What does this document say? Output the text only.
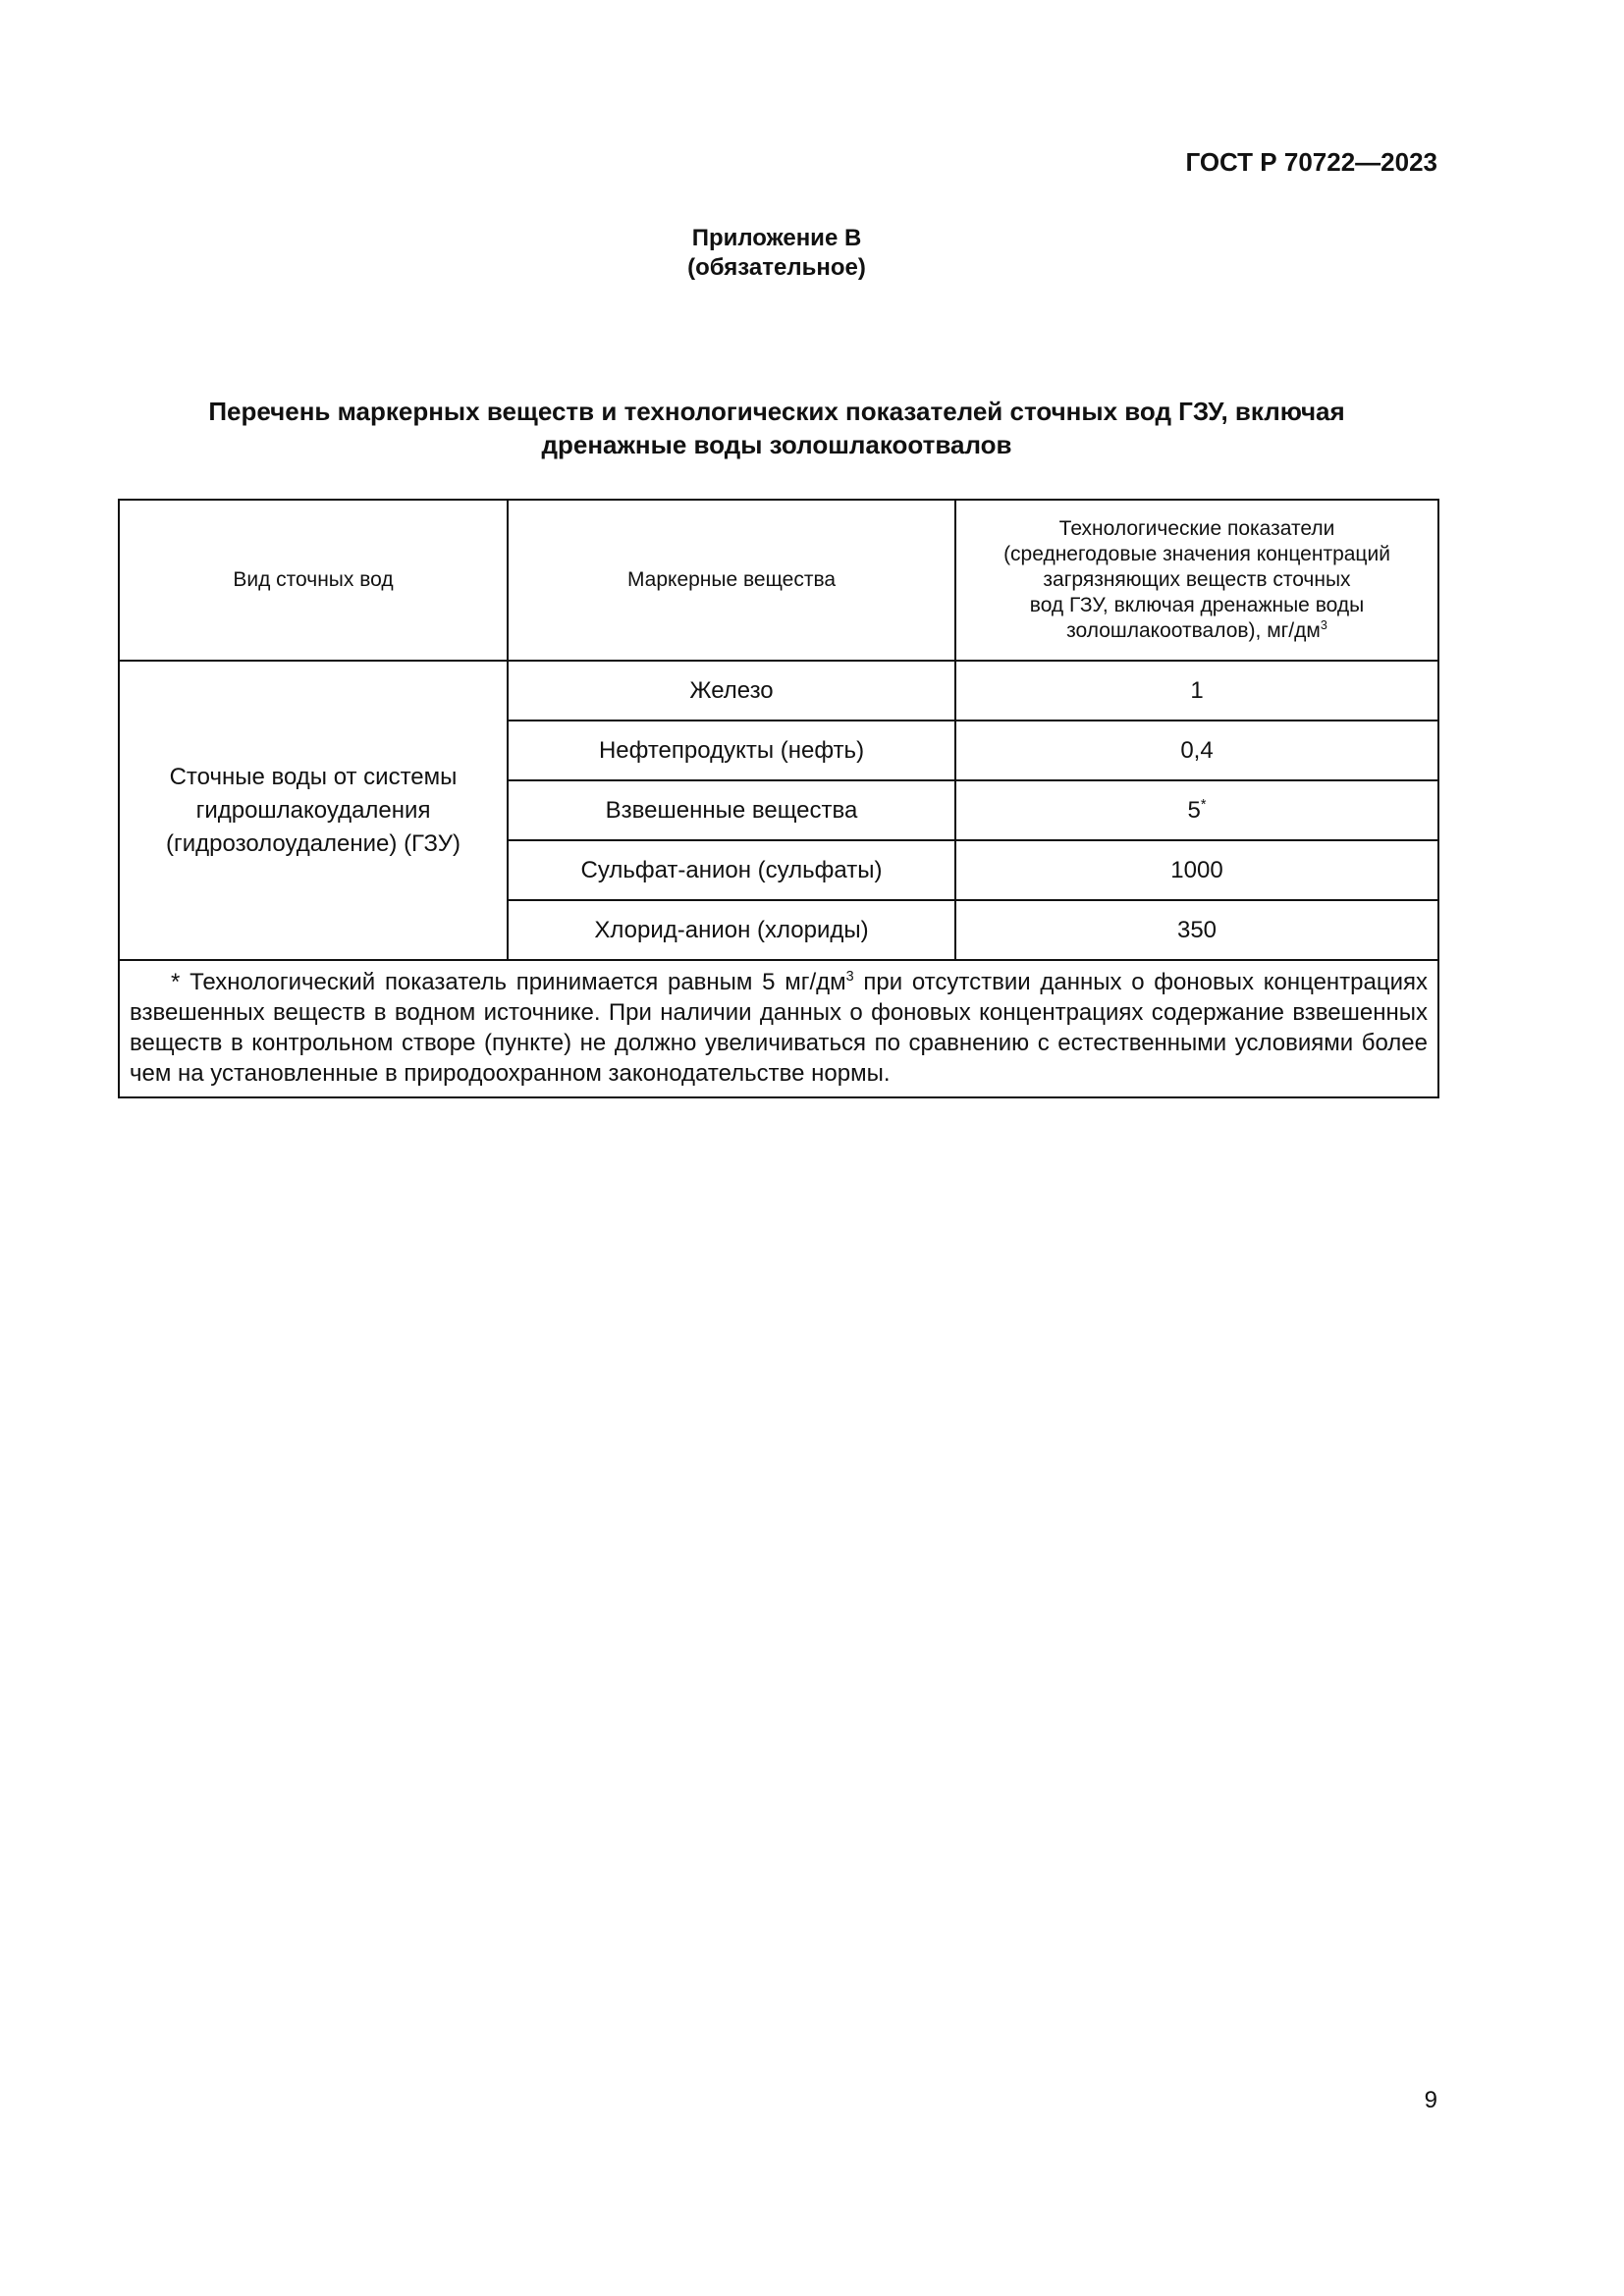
ГОСТ Р 70722—2023

Приложение В
(обязательное)
Перечень маркерных веществ и технологических показателей сточных вод ГЗУ, включая
дренажные воды золошлакоотвалов
Вид сточных вод	Маркерные вещества	Технологические показатели
(среднегодовые значения концентраций
загрязняющих веществ сточных
вод ГЗУ, включая дренажные воды
золошлакоотвалов), $мг/дм^3$

Сточные воды от системы
гидрошлакоудаления
(гидрозолоудаление) (ГЗУ)	Железо	1
	Нефтепродукты (нефть)	0,4
	Взвешенные вещества	5*
	Сульфат-анион (сульфаты)	1000
	Хлорид-анион (хлориды)	350
* Технологический показатель принимается равным 5 $мг/дм^3$ при отсутствии данных о фоновых концентрациях взвешенных веществ в водном источнике. При наличии данных о фоновых концентрациях содержание взвешенных веществ в контрольном створе (пункте) не должно увеличиваться по сравнению с естественными условиями более чем на установленные в природоохранном законодательстве нормы.		

9
